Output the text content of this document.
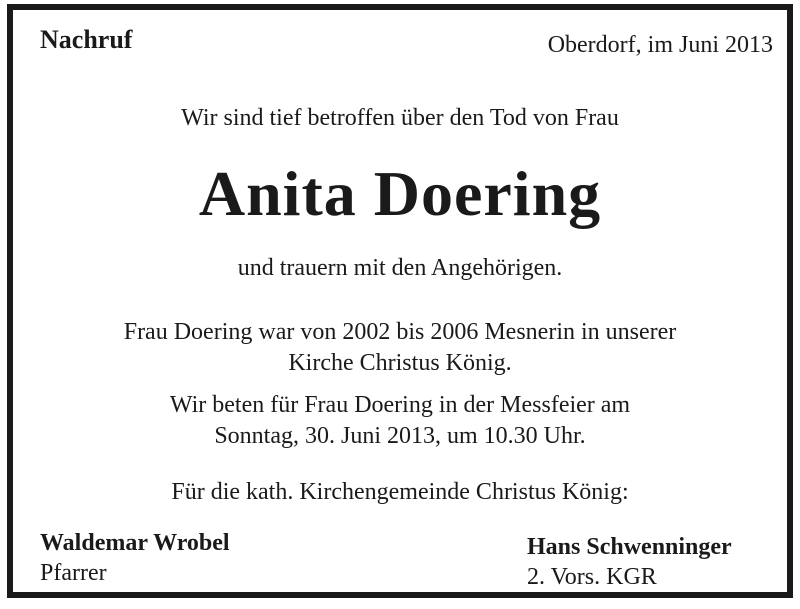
Nachruf	Oberdorf, im Juni 2013
Wir sind tief betroffen über den Tod von Frau
Anita Doering
und trauern mit den Angehörigen.
Frau Doering war von 2002 bis 2006 Mesnerin in unserer
Kirche Christus König.
Wir beten für Frau Doering in der Messfeier am
Sonntag, 30. Juni 2013, um 10.30 Uhr.
Für die kath. Kirchengemeinde Christus König:
Waldemar Wrobel
Pfarrer
Hans Schwenninger
2. Vors. KGR
